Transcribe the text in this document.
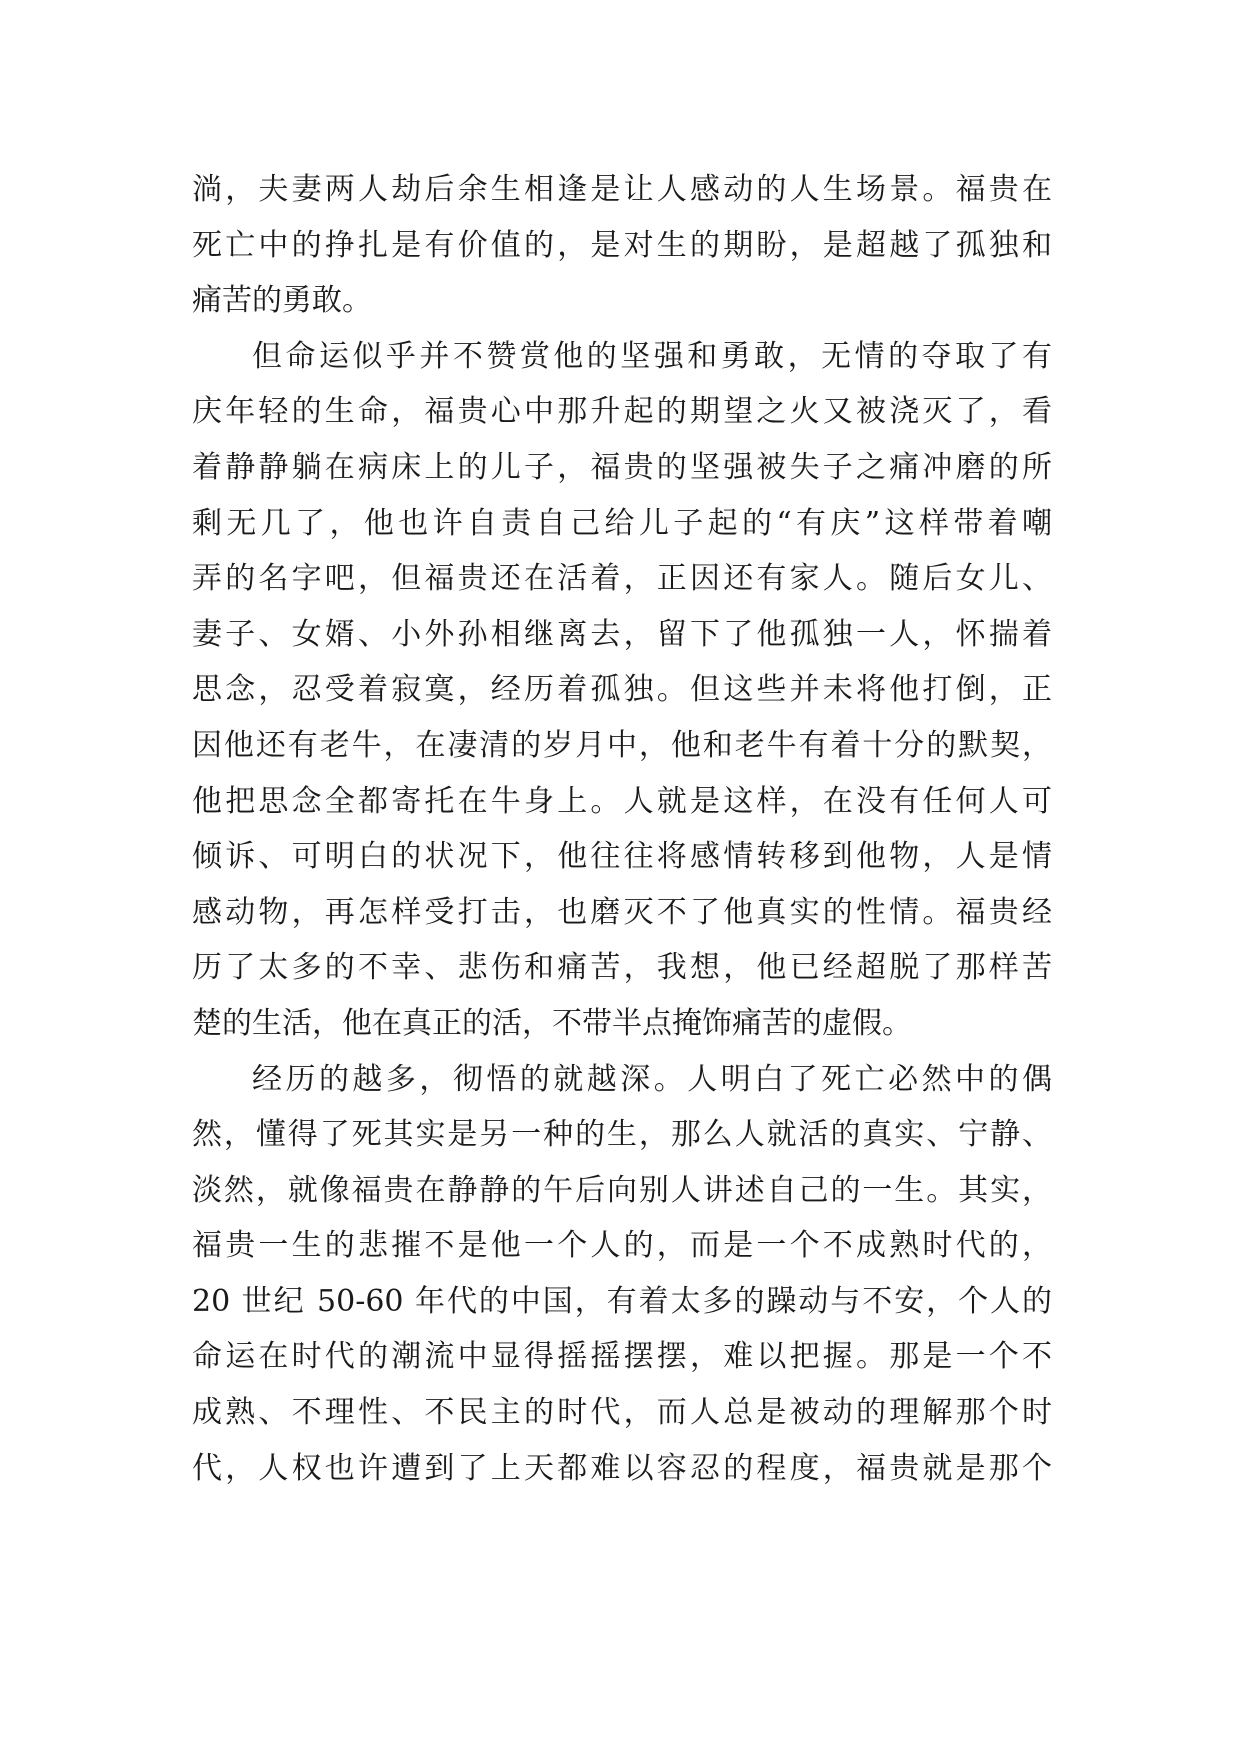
淌，夫妻两人劫后余生相逢是让人感动的人生场景。福贵在
死亡中的挣扎是有价值的，是对生的期盼，是超越了孤独和
痛苦的勇敢。
但命运似乎并不赞赏他的坚强和勇敢，无情的夺取了有
庆年轻的生命，福贵心中那升起的期望之火又被浇灭了，看
着静静躺在病床上的儿子，福贵的坚强被失子之痛冲磨的所
剩无几了，他也许自责自己给儿子起的“有庆”这样带着嘲
弄的名字吧，但福贵还在活着，正因还有家人。随后女儿、
妻子、女婿、小外孙相继离去，留下了他孤独一人，怀揣着
思念，忍受着寂寞，经历着孤独。但这些并未将他打倒，正
因他还有老牛，在凄清的岁月中，他和老牛有着十分的默契，
他把思念全都寄托在牛身上。人就是这样，在没有任何人可
倾诉、可明白的状况下，他往往将感情转移到他物，人是情
感动物，再怎样受打击，也磨灭不了他真实的性情。福贵经
历了太多的不幸、悲伤和痛苦，我想，他已经超脱了那样苦
楚的生活，他在真正的活，不带半点掩饰痛苦的虚假。
经历的越多，彻悟的就越深。人明白了死亡必然中的偶
然，懂得了死其实是另一种的生，那么人就活的真实、宁静、
淡然，就像福贵在静静的午后向别人讲述自己的一生。其实，
福贵一生的悲摧不是他一个人的，而是一个不成熟时代的，
20 世纪 50-60 年代的中国，有着太多的躁动与不安，个人的
命运在时代的潮流中显得摇摇摆摆，难以把握。那是一个不
成熟、不理性、不民主的时代，而人总是被动的理解那个时
代，人权也许遭到了上天都难以容忍的程度，福贵就是那个
